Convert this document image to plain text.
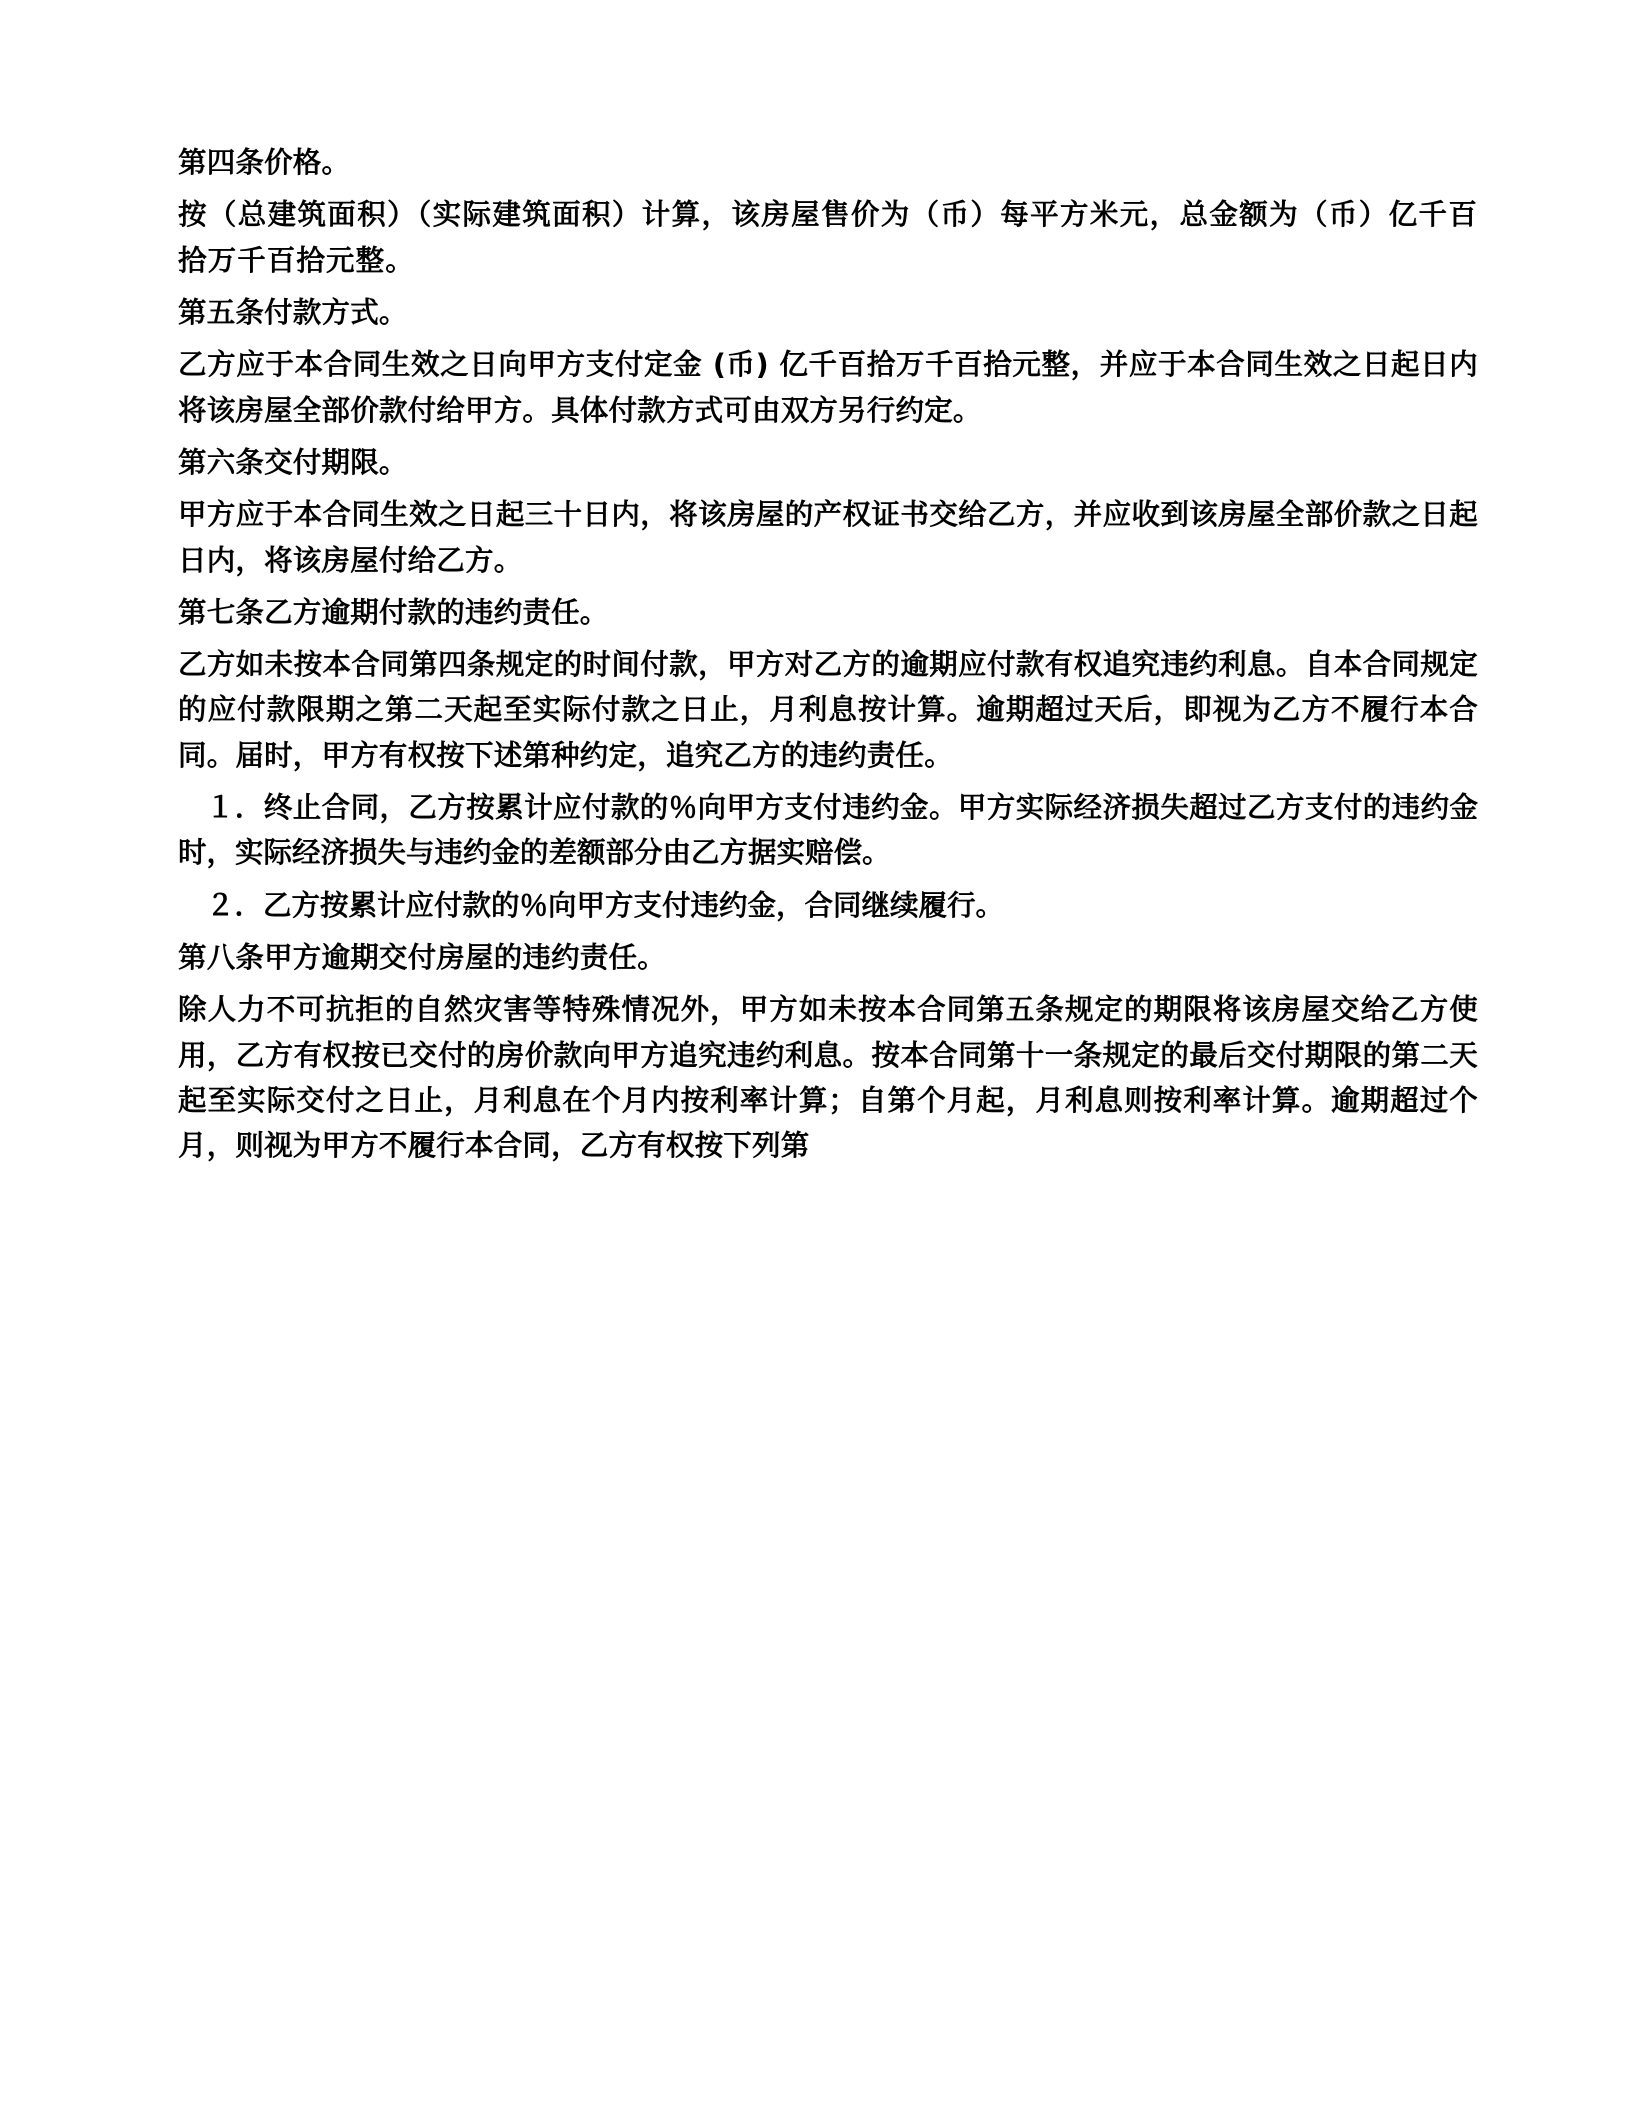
第四条价格。

按（总建筑面积）（实际建筑面积）计算，该房屋售价为（币）每平方米元，总金额为（币）亿千百拾万千百拾元整。

第五条付款方式。

乙方应于本合同生效之日向甲方支付定金 (币) 亿千百拾万千百拾元整，并应于本合同生效之日起日内将该房屋全部价款付给甲方。具体付款方式可由双方另行约定。

第六条交付期限。

甲方应于本合同生效之日起三十日内，将该房屋的产权证书交给乙方，并应收到该房屋全部价款之日起日内，将该房屋付给乙方。

第七条乙方逾期付款的违约责任。

乙方如未按本合同第四条规定的时间付款，甲方对乙方的逾期应付款有权追究违约利息。自本合同规定的应付款限期之第二天起至实际付款之日止，月利息按计算。逾期超过天后，即视为乙方不履行本合同。届时，甲方有权按下述第种约定，追究乙方的违约责任。

１．终止合同，乙方按累计应付款的％向甲方支付违约金。甲方实际经济损失超过乙方支付的违约金时，实际经济损失与违约金的差额部分由乙方据实赔偿。

２．乙方按累计应付款的％向甲方支付违约金，合同继续履行。

第八条甲方逾期交付房屋的违约责任。

除人力不可抗拒的自然灾害等特殊情况外，甲方如未按本合同第五条规定的期限将该房屋交给乙方使用，乙方有权按已交付的房价款向甲方追究违约利息。按本合同第十一条规定的最后交付期限的第二天起至实际交付之日止，月利息在个月内按利率计算；自第个月起，月利息则按利率计算。逾期超过个月，则视为甲方不履行本合同，乙方有权按下列第
